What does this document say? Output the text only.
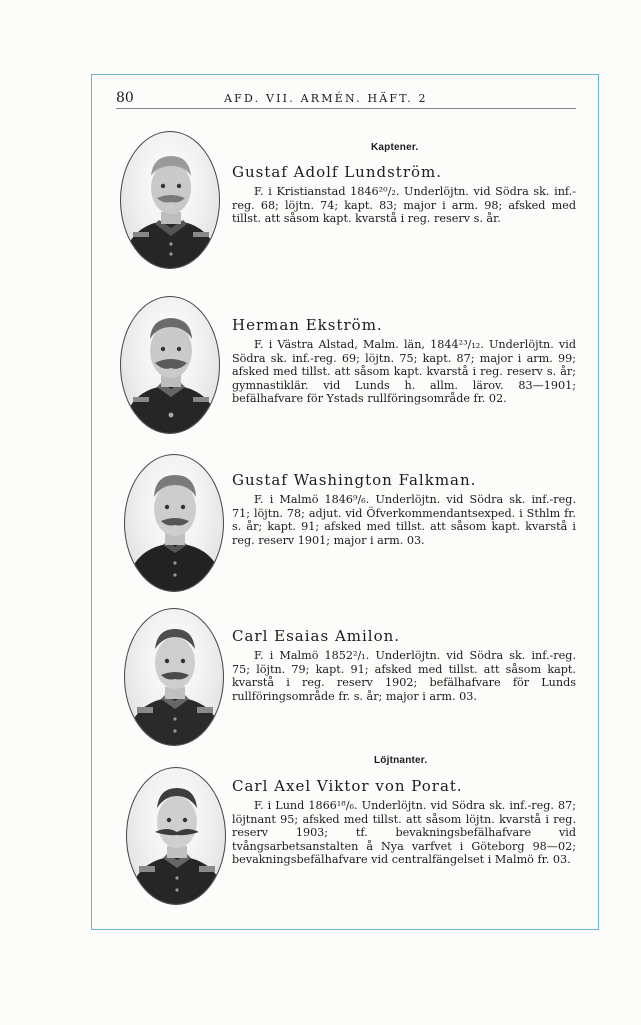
80	AFD. VII. ARMÉN. HÄFT. 2
Kaptener.
Löjtnanter.
Gustaf Adolf Lundström.

F. i Kristianstad 1846²⁰/₂. Underlöjtn. vid Södra sk. inf.-reg. 68; löjtn. 74; kapt. 83; major i arm. 98; afsked med tillst. att såsom kapt. kvarstå i reg. reserv s. år.

Herman Ekström.

F. i Västra Alstad, Malm. län, 1844²³/₁₂. Underlöjtn. vid Södra sk. inf.-reg. 69; löjtn. 75; kapt. 87; major i arm. 99; afsked med tillst. att såsom kapt. kvarstå i reg. reserv s. år; gymnastiklär. vid Lunds h. allm. lärov. 83—1901; befälhafvare för Ystads rullföringsområde fr. 02.

Gustaf Washington Falkman.

F. i Malmö 1846⁹/₆. Underlöjtn. vid Södra sk. inf.-reg. 71; löjtn. 78; adjut. vid Öfverkommendantsexped. i Sthlm fr. s. år; kapt. 91; afsked med tillst. att såsom kapt. kvarstå i reg. reserv 1901; major i arm. 03.

Carl Esaias Amilon.

F. i Malmö 1852²/₁. Underlöjtn. vid Södra sk. inf.-reg. 75; löjtn. 79; kapt. 91; afsked med tillst. att såsom kapt. kvarstå i reg. reserv 1902; befälhafvare för Lunds rullföringsområde fr. s. år; major i arm. 03.

Carl Axel Viktor von Porat.

F. i Lund 1866¹⁸/₆. Underlöjtn. vid Södra sk. inf.-reg. 87; löjtnant 95; afsked med tillst. att såsom löjtn. kvarstå i reg. reserv 1903; tf. bevakningsbefälhafvare vid tvångsarbetsanstalten å Nya varfvet i Göteborg 98—02; bevakningsbefälhafvare vid centralfängelset i Malmö fr. 03.
